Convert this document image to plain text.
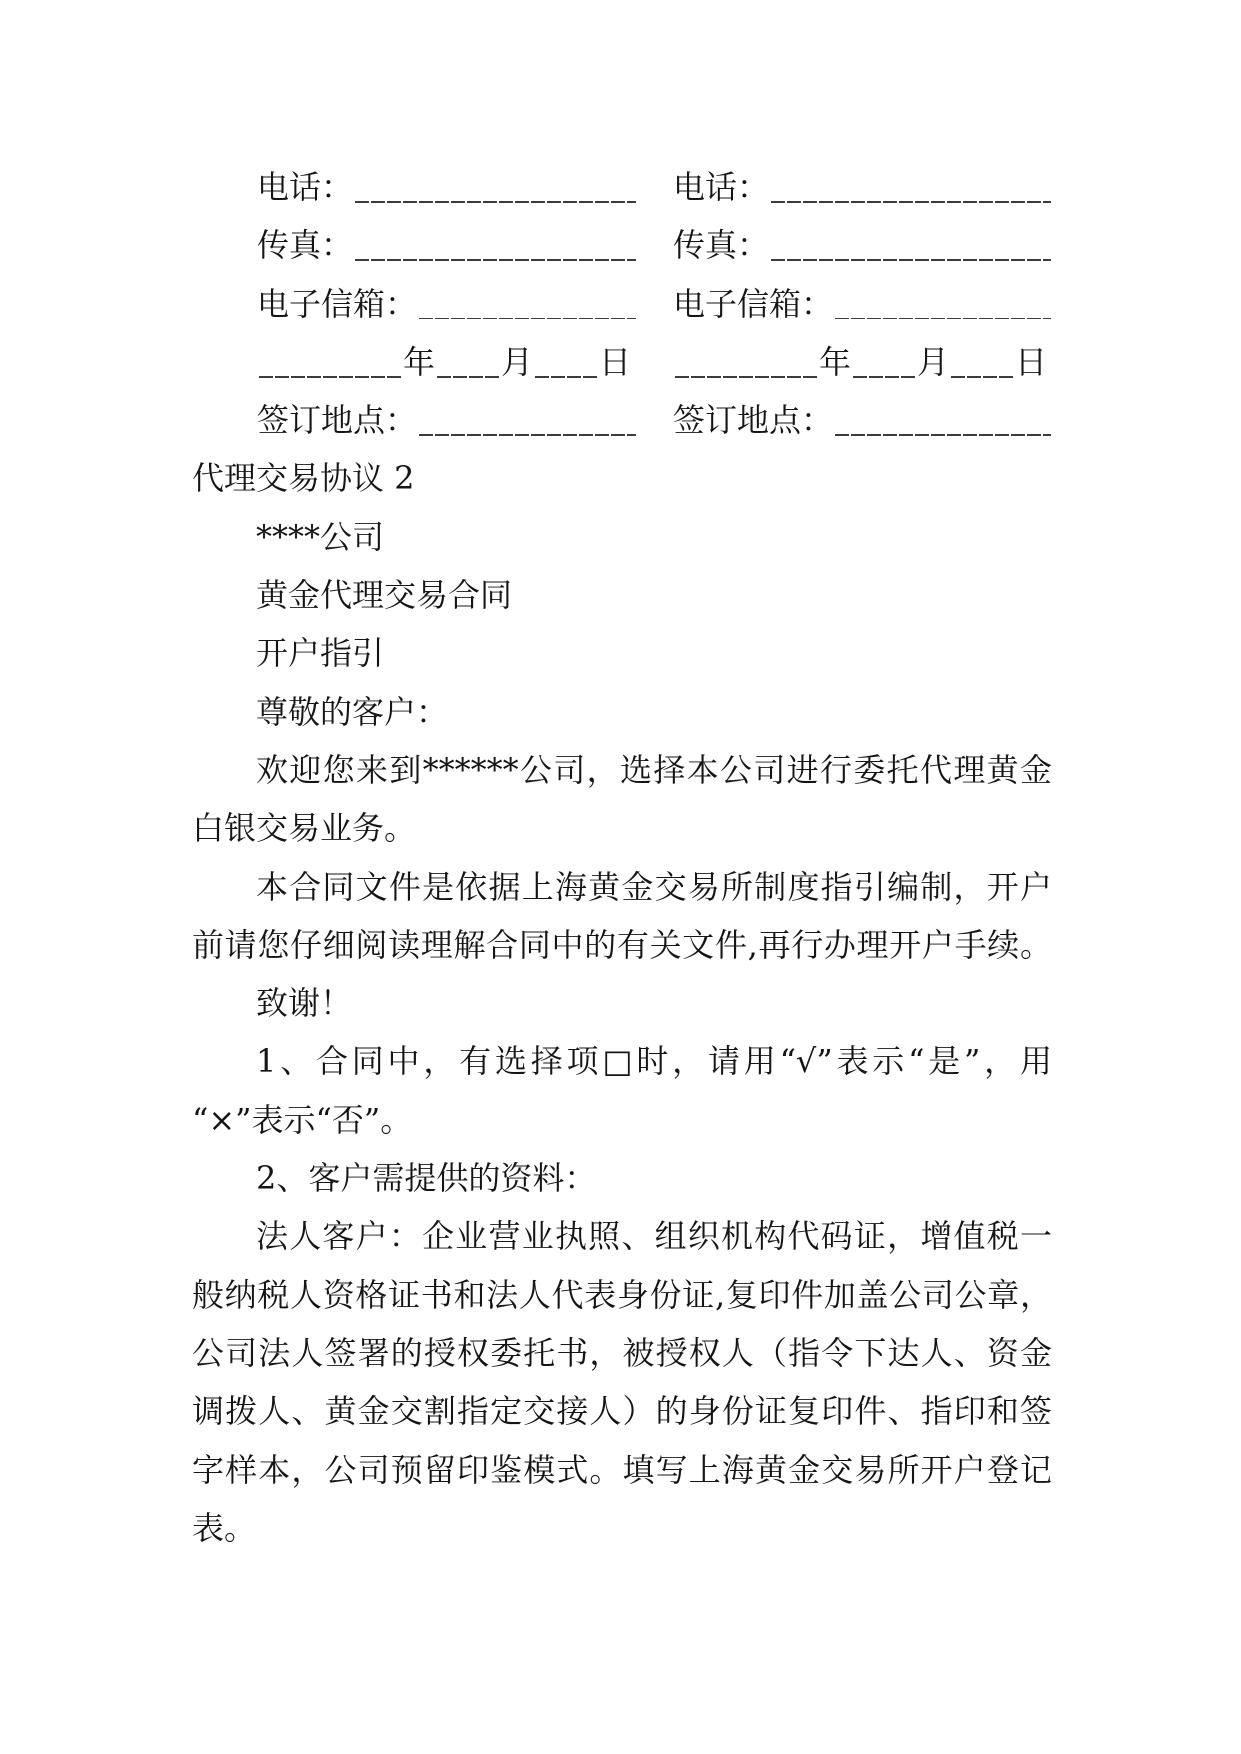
电话：	电话：
传真：	传真：
电子信箱：	电子信箱：
年 月 日	年 月 日
签订地点：	签订地点：
代理交易协议 2
****公司
黄金代理交易合同
开户指引
尊敬的客户：
欢迎您来到******公司，选择本公司进行委托代理黄金
白银交易业务。
本合同文件是依据上海黄金交易所制度指引编制，开户
前请您仔细阅读理解合同中的有关文件,再行办理开户手续。
致谢！
1、合同中，有选择项□时，请用“√”表示“是”，用
“×”表示“否”。
2、客户需提供的资料：
法人客户：企业营业执照、组织机构代码证，增值税一
般纳税人资格证书和法人代表身份证,复印件加盖公司公章，
公司法人签署的授权委托书，被授权人（指令下达人、资金
调拨人、黄金交割指定交接人）的身份证复印件、指印和签
字样本，公司预留印鉴模式。填写上海黄金交易所开户登记
表。
